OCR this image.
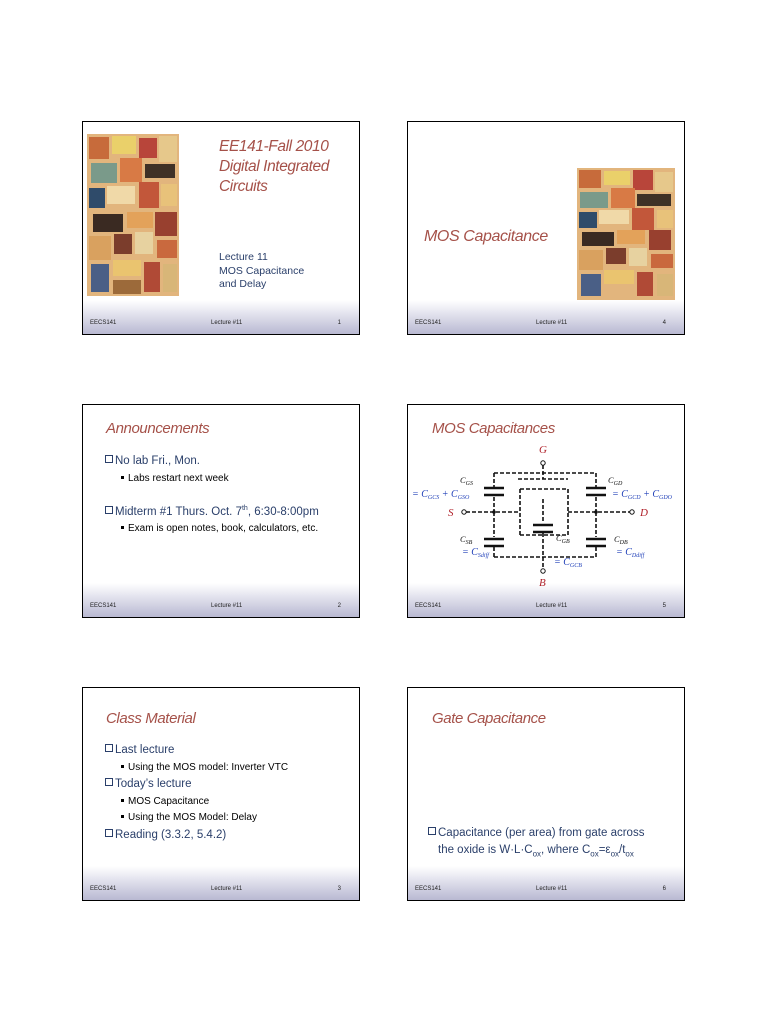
EE141-Fall 2010
Digital Integrated
Circuits
Lecture 11
MOS Capacitance
and Delay
EECS141	Lecture #11	1
MOS Capacitance
EECS141	Lecture #11	4
Announcements
No lab Fri., Mon.
Labs restart next week
Midterm #1 Thurs. Oct. 7th, 6:30-8:00pm
Exam is open notes, book, calculators, etc.
EECS141	Lecture #11	2
MOS Capacitances
G
S	D
B
$C_{GS}$	$C_{GD}$
$C_{SB}$	$C_{DB}$
$C_{GB}$
= $C_{GCS} + C_{GSO}$	= $C_{GCD} + C_{GDO}$
= $C_{Sdiff}$	= $C_{Ddiff}$
= $C_{GCB}$
EECS141	Lecture #11	5
Class Material
Last lecture
Using the MOS model: Inverter VTC
Today’s lecture
MOS Capacitance
Using the MOS Model: Delay
Reading (3.3.2, 5.4.2)
EECS141	Lecture #11	3
Gate Capacitance
Capacitance (per area) from gate across
the oxide is $W\cdot L\cdot C_{ox}$, where $C_{ox}=\varepsilon_{ox}/t_{ox}$
EECS141	Lecture #11	6
